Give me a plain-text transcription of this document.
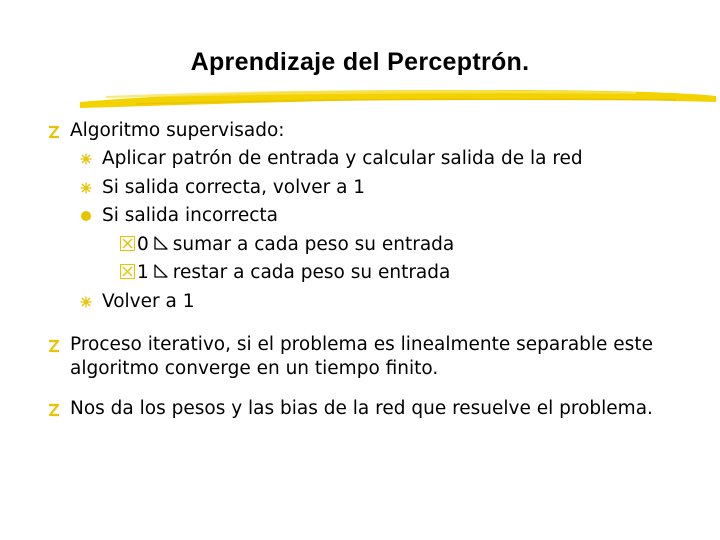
Aprendizaje del Perceptrón.
Algoritmo supervisado:
Aplicar patrón de entrada y calcular salida de la red
Si salida correcta, volver a 1
Si salida incorrecta
0 sumar a cada peso su entrada
1 restar a cada peso su entrada
Volver a 1
Proceso iterativo, si el problema es linealmente separable este
algoritmo converge en un tiempo finito.
Nos da los pesos y las bias de la red que resuelve el problema.
